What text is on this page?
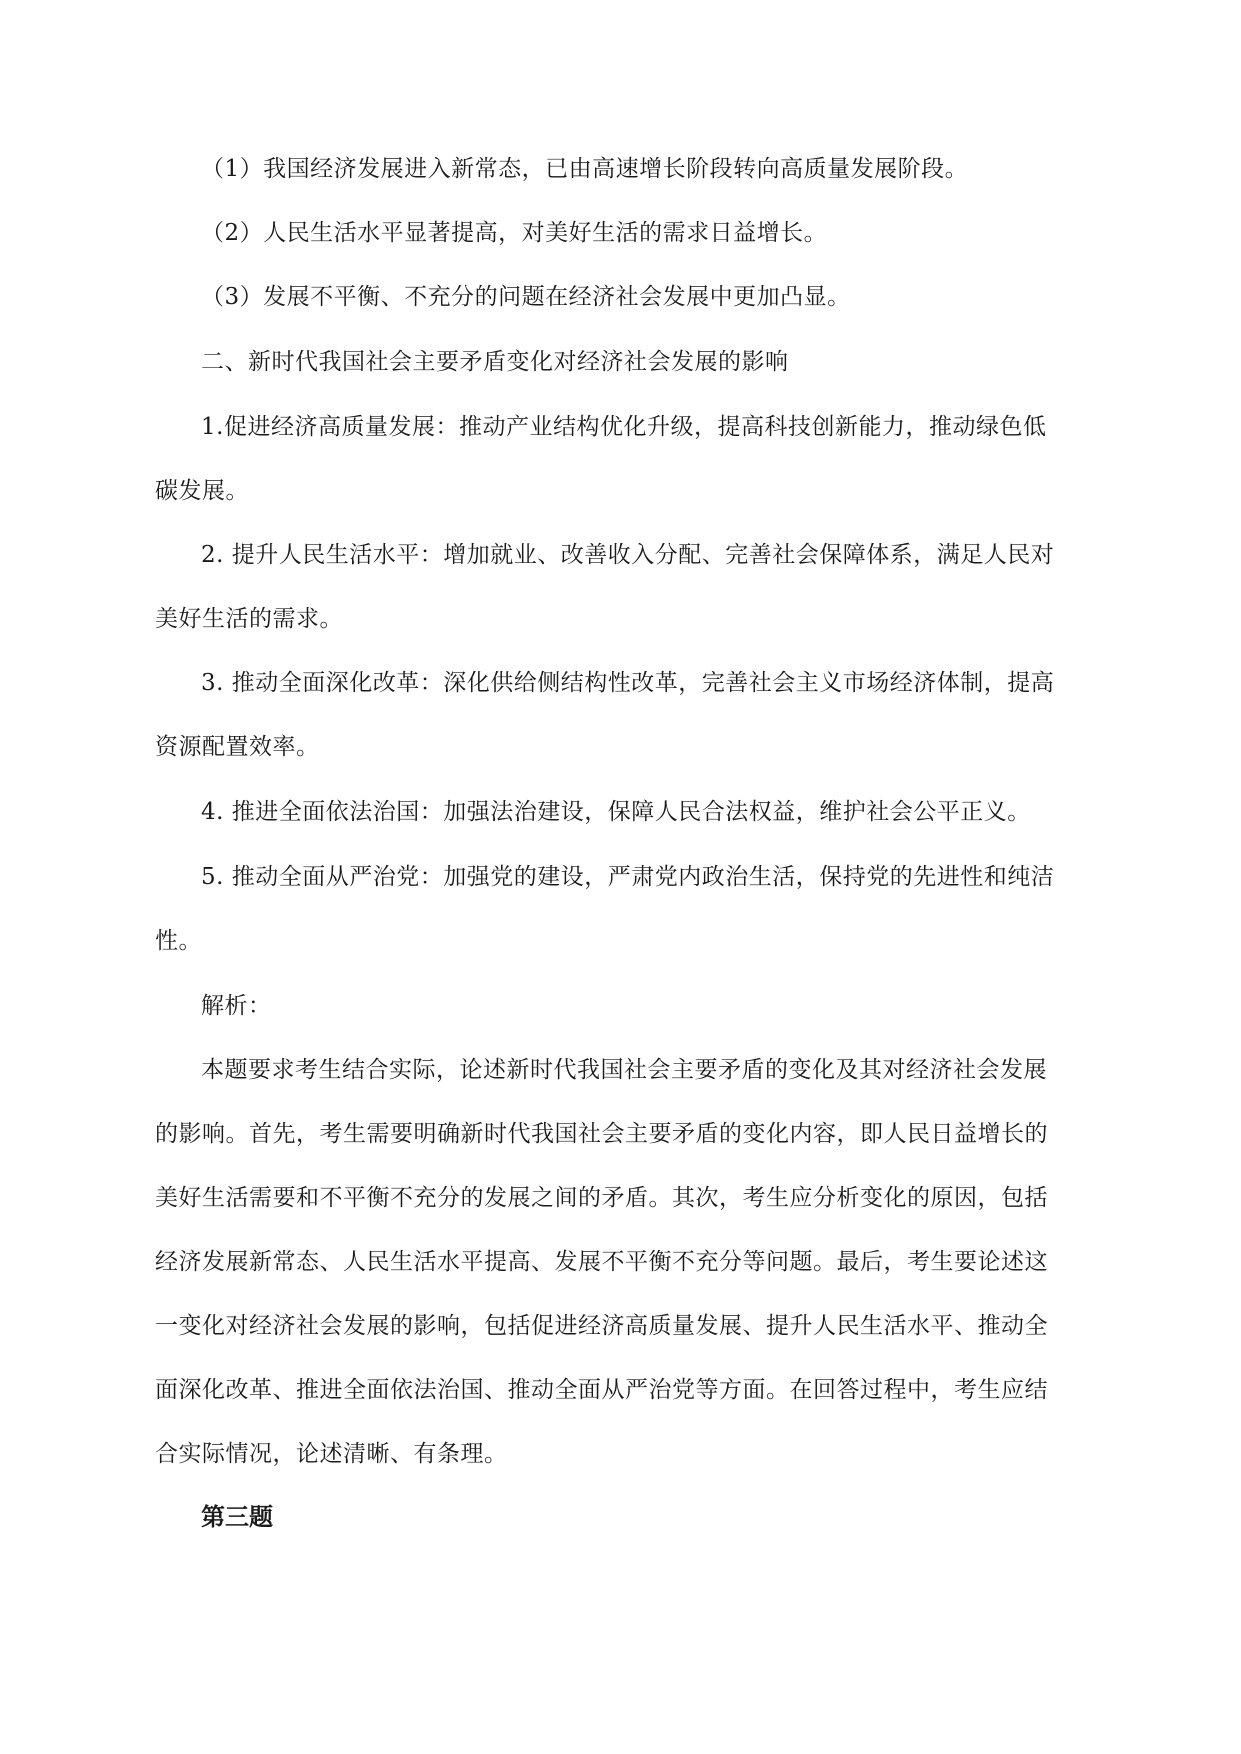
（1）我国经济发展进入新常态，已由高速增长阶段转向高质量发展阶段。

（2）人民生活水平显著提高，对美好生活的需求日益增长。

（3）发展不平衡、不充分的问题在经济社会发展中更加凸显。

二、新时代我国社会主要矛盾变化对经济社会发展的影响

1.促进经济高质量发展：推动产业结构优化升级，提高科技创新能力，推动绿色低
碳发展。

2. 提升人民生活水平：增加就业、改善收入分配、完善社会保障体系，满足人民对
美好生活的需求。

3. 推动全面深化改革：深化供给侧结构性改革，完善社会主义市场经济体制，提高
资源配置效率。

4. 推进全面依法治国：加强法治建设，保障人民合法权益，维护社会公平正义。

5. 推动全面从严治党：加强党的建设，严肃党内政治生活，保持党的先进性和纯洁
性。

解析：

本题要求考生结合实际，论述新时代我国社会主要矛盾的变化及其对经济社会发展
的影响。首先，考生需要明确新时代我国社会主要矛盾的变化内容，即人民日益增长的
美好生活需要和不平衡不充分的发展之间的矛盾。其次，考生应分析变化的原因，包括
经济发展新常态、人民生活水平提高、发展不平衡不充分等问题。最后，考生要论述这
一变化对经济社会发展的影响，包括促进经济高质量发展、提升人民生活水平、推动全
面深化改革、推进全面依法治国、推动全面从严治党等方面。在回答过程中，考生应结
合实际情况，论述清晰、有条理。

第三题
